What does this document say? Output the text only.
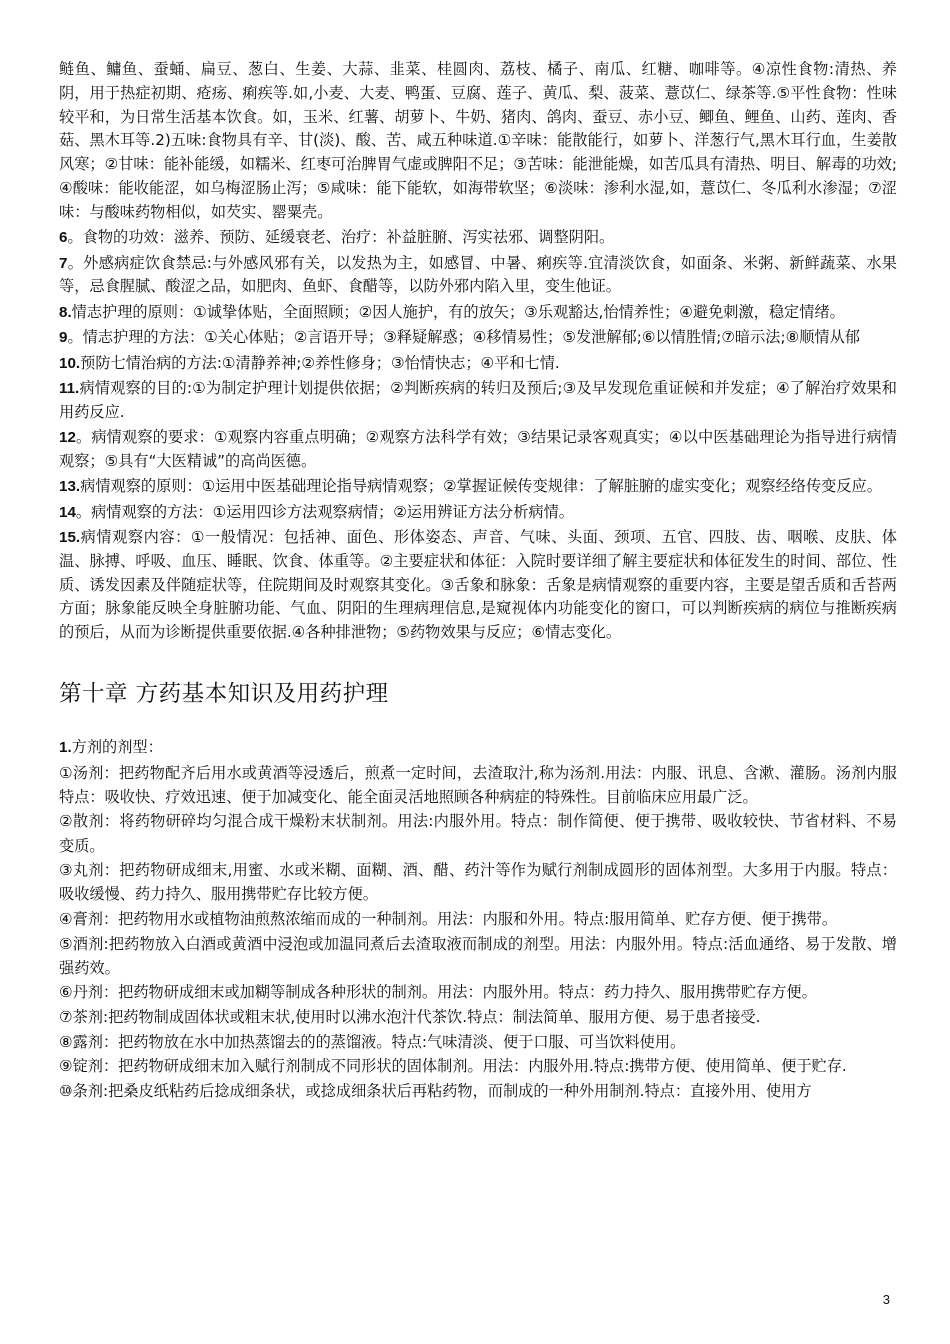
鲢鱼、鳙鱼、蚕蛹、扁豆、葱白、生姜、大蒜、韭菜、桂圆肉、荔枝、橘子、南瓜、红糖、咖啡等。④凉性食物:清热、养阴，用于热症初期、疮疡、痢疾等.如,小麦、大麦、鸭蛋、豆腐、莲子、黄瓜、梨、菠菜、薏苡仁、绿茶等.⑤平性食物：性味较平和，为日常生活基本饮食。如，玉米、红薯、胡萝卜、牛奶、猪肉、鸽肉、蚕豆、赤小豆、鲫鱼、鲤鱼、山药、莲肉、香菇、黑木耳等.2)五味:食物具有辛、甘(淡)、酸、苦、咸五种味道.①辛味：能散能行，如萝卜、洋葱行气,黑木耳行血，生姜散风寒；②甘味：能补能缓，如糯米、红枣可治脾胃气虚或脾阳不足；③苦味：能泄能燥，如苦瓜具有清热、明目、解毒的功效;④酸味：能收能涩，如乌梅涩肠止泻；⑤咸味：能下能软，如海带软坚；⑥淡味：渗利水湿,如，薏苡仁、冬瓜利水渗湿；⑦涩味：与酸味药物相似，如芡实、罂粟壳。

6。食物的功效：滋养、预防、延缓衰老、治疗：补益脏腑、泻实祛邪、调整阴阳。

7。外感病症饮食禁忌:与外感风邪有关，以发热为主，如感冒、中暑、痢疾等.宜清淡饮食，如面条、米粥、新鲜蔬菜、水果等，忌食腥腻、酸涩之品，如肥肉、鱼虾、食醋等，以防外邪内陷入里，变生他证。

8.情志护理的原则：①诚挚体贴，全面照顾；②因人施护，有的放矢；③乐观豁达,怡情养性；④避免刺激，稳定情绪。

9。情志护理的方法：①关心体贴；②言语开导；③释疑解惑；④移情易性；⑤发泄解郁;⑥以情胜情;⑦暗示法;⑧顺情从郁

10.预防七情治病的方法:①清静养神;②养性修身；③怡情快志；④平和七情.

11.病情观察的目的:①为制定护理计划提供依据；②判断疾病的转归及预后;③及早发现危重证候和并发症；④了解治疗效果和用药反应.

12。病情观察的要求：①观察内容重点明确；②观察方法科学有效；③结果记录客观真实；④以中医基础理论为指导进行病情观察；⑤具有“大医精诚”的高尚医德。

13.病情观察的原则：①运用中医基础理论指导病情观察；②掌握证候传变规律：了解脏腑的虚实变化；观察经络传变反应。

14。病情观察的方法：①运用四诊方法观察病情；②运用辨证方法分析病情。

15.病情观察内容：①一般情况：包括神、面色、形体姿态、声音、气味、头面、颈项、五官、四肢、齿、咽喉、皮肤、体温、脉搏、呼吸、血压、睡眠、饮食、体重等。②主要症状和体征：入院时要详细了解主要症状和体征发生的时间、部位、性质、诱发因素及伴随症状等，住院期间及时观察其变化。③舌象和脉象：舌象是病情观察的重要内容，主要是望舌质和舌苔两方面；脉象能反映全身脏腑功能、气血、阴阳的生理病理信息,是窥视体内功能变化的窗口，可以判断疾病的病位与推断疾病的预后，从而为诊断提供重要依据.④各种排泄物；⑤药物效果与反应；⑥情志变化。

第十章 方药基本知识及用药护理

1.方剂的剂型：

①汤剂：把药物配齐后用水或黄酒等浸透后，煎煮一定时间，去渣取汁,称为汤剂.用法：内服、讯息、含漱、灌肠。汤剂内服特点：吸收快、疗效迅速、便于加减变化、能全面灵活地照顾各种病症的特殊性。目前临床应用最广泛。

②散剂：将药物研碎均匀混合成干燥粉末状制剂。用法:内服外用。特点：制作简便、便于携带、吸收较快、节省材料、不易变质。

③丸剂：把药物研成细末,用蜜、水或米糊、面糊、酒、醋、药汁等作为赋行剂制成圆形的固体剂型。大多用于内服。特点：吸收缓慢、药力持久、服用携带贮存比较方便。

④膏剂：把药物用水或植物油煎熬浓缩而成的一种制剂。用法：内服和外用。特点:服用简单、贮存方便、便于携带。

⑤酒剂:把药物放入白酒或黄酒中浸泡或加温同煮后去渣取液而制成的剂型。用法：内服外用。特点:活血通络、易于发散、增强药效。

⑥丹剂：把药物研成细末或加糊等制成各种形状的制剂。用法：内服外用。特点：药力持久、服用携带贮存方便。

⑦茶剂:把药物制成固体状或粗末状,使用时以沸水泡汁代茶饮.特点：制法简单、服用方便、易于患者接受.

⑧露剂：把药物放在水中加热蒸馏去的的蒸馏液。特点:气味清淡、便于口服、可当饮料使用。

⑨锭剂：把药物研成细末加入赋行剂制成不同形状的固体制剂。用法：内服外用.特点:携带方便、使用简单、便于贮存.

⑩条剂:把桑皮纸粘药后捻成细条状，或捻成细条状后再粘药物，而制成的一种外用制剂.特点：直接外用、使用方

3
